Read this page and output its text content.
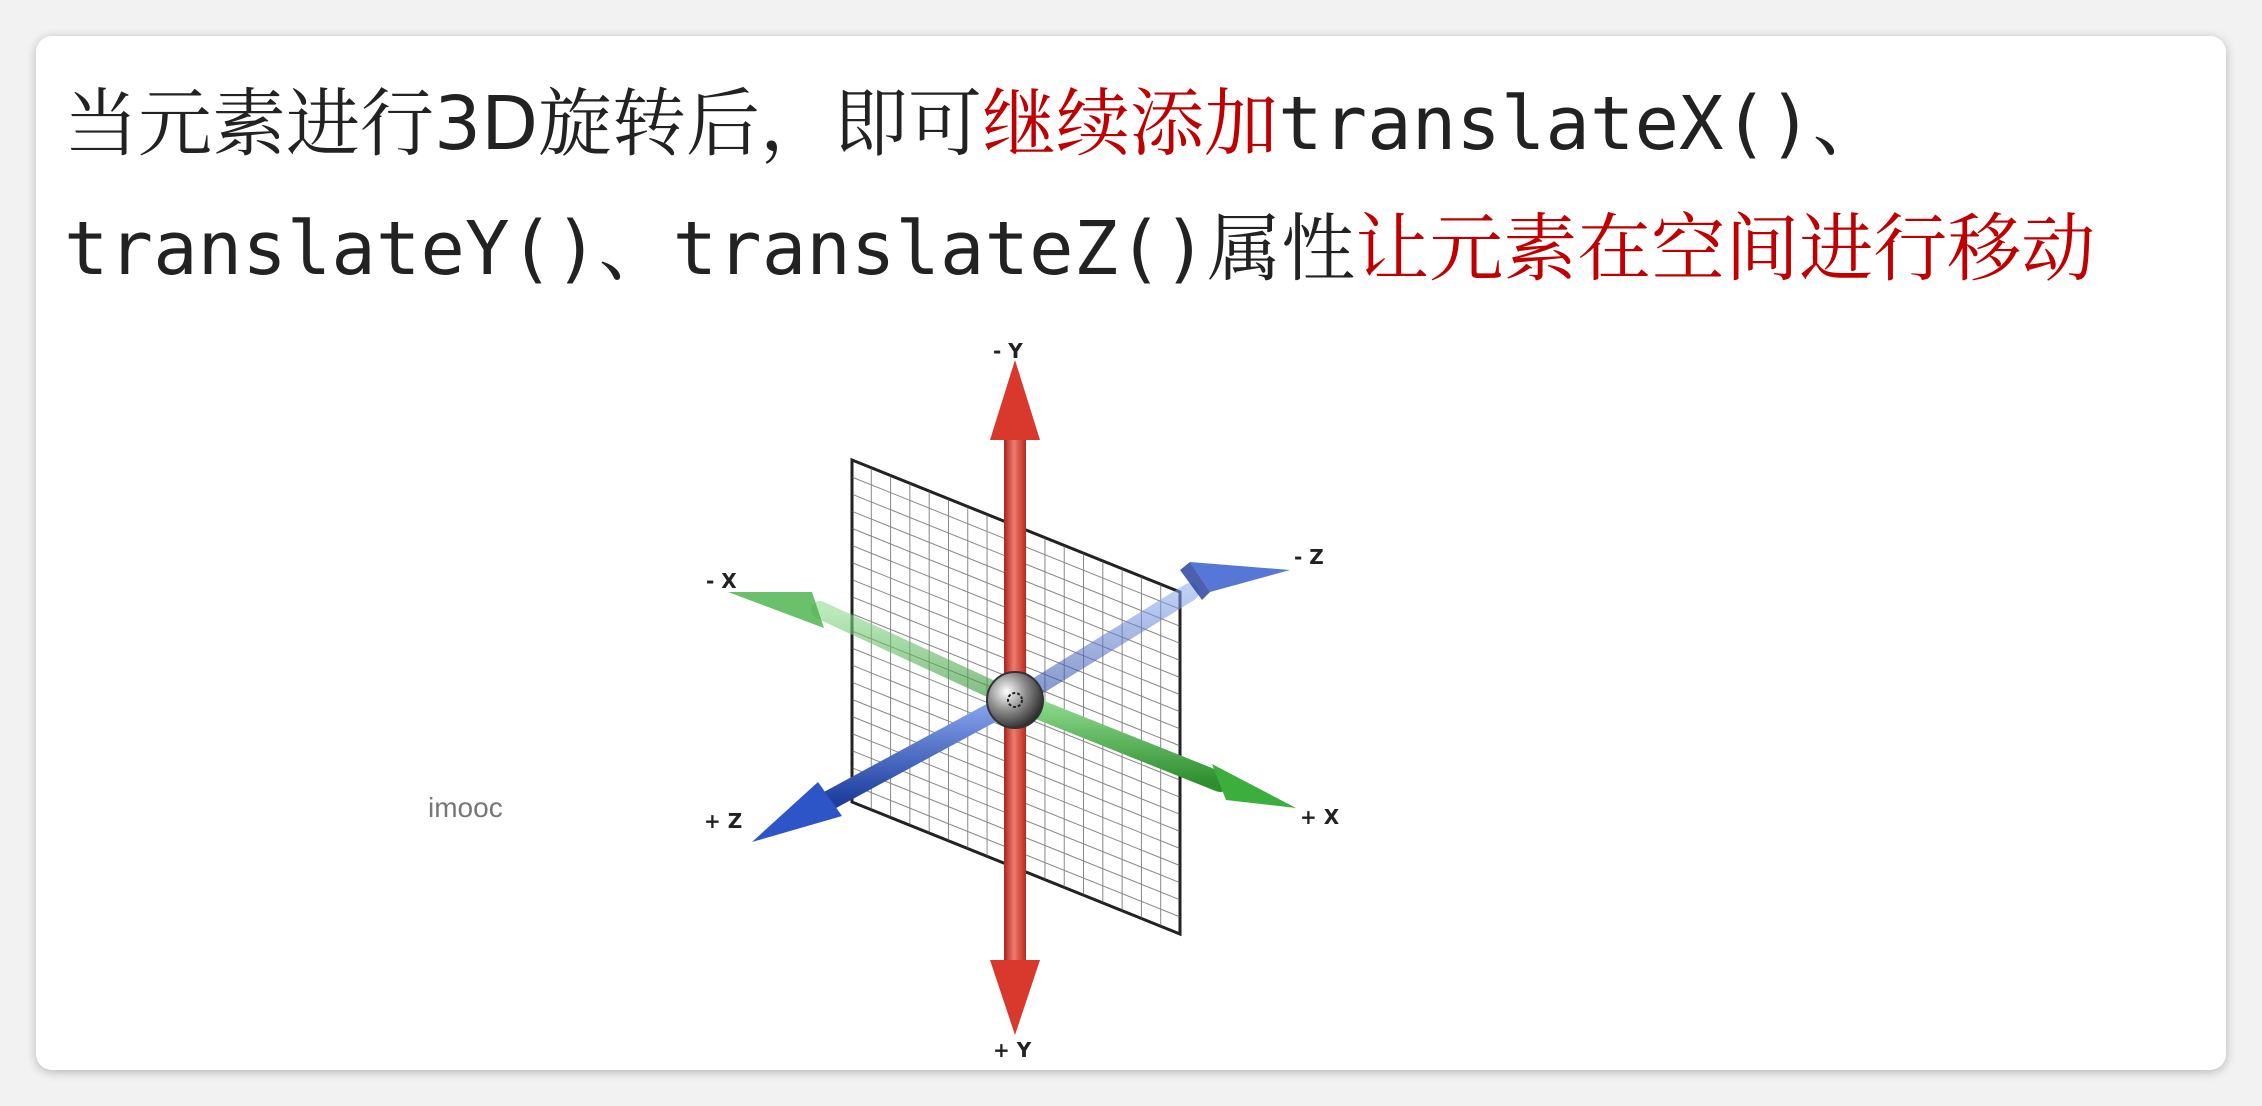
当元素进行3D旋转后，即可继续添加translateX()、
translateY()、translateZ()属性让元素在空间进行移动
imooc
- Y
+ Y
- X
+ X
- Z
+ Z
